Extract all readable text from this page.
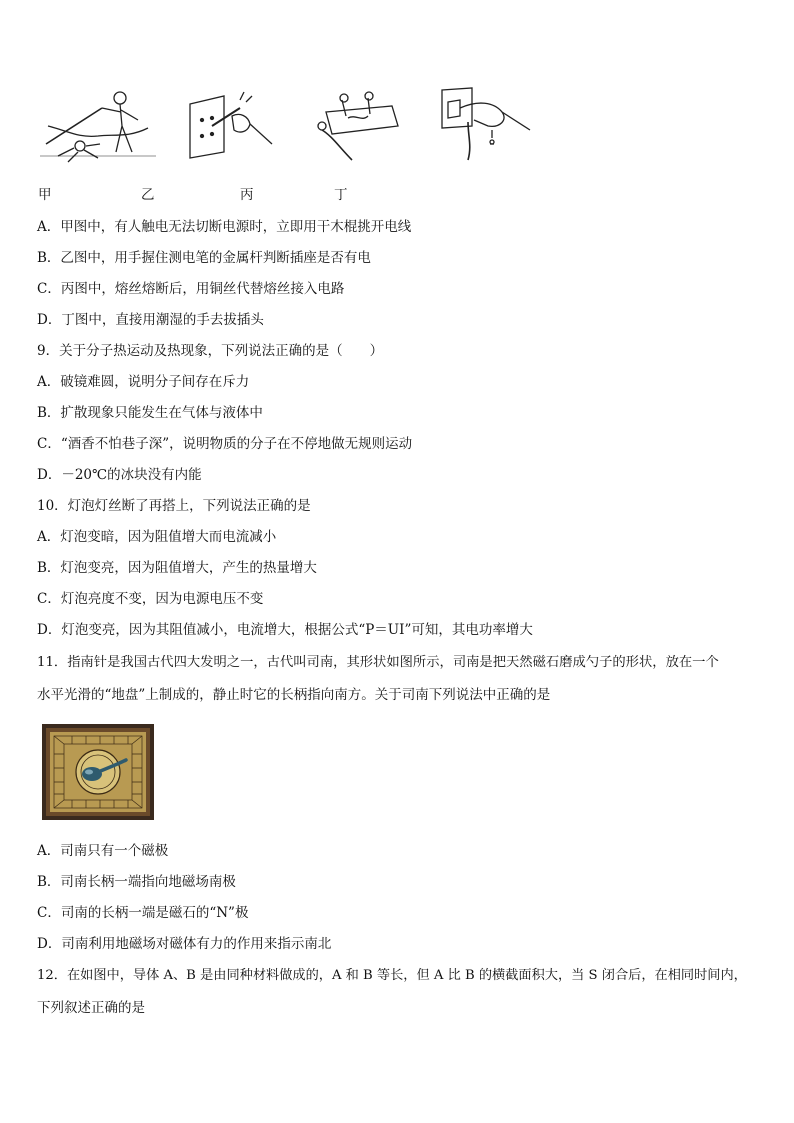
甲	乙	丙	丁
A．甲图中，有人触电无法切断电源时，立即用干木棍挑开电线
B．乙图中，用手握住测电笔的金属杆判断插座是否有电
C．丙图中，熔丝熔断后，用铜丝代替熔丝接入电路
D．丁图中，直接用潮湿的手去拔插头
9．关于分子热运动及热现象，下列说法正确的是（　　）
A．破镜难圆，说明分子间存在斥力
B．扩散现象只能发生在气体与液体中
C．“酒香不怕巷子深”，说明物质的分子在不停地做无规则运动
D．－20℃的冰块没有内能
10．灯泡灯丝断了再搭上，下列说法正确的是
A．灯泡变暗，因为阻值增大而电流减小
B．灯泡变亮，因为阻值增大，产生的热量增大
C．灯泡亮度不变，因为电源电压不变
D．灯泡变亮，因为其阻值减小，电流增大，根据公式“P＝UI”可知，其电功率增大
11．指南针是我国古代四大发明之一，古代叫司南，其形状如图所示，司南是把天然磁石磨成勺子的形状，放在一个
水平光滑的“地盘”上制成的，静止时它的长柄指向南方。关于司南下列说法中正确的是
A．司南只有一个磁极
B．司南长柄一端指向地磁场南极
C．司南的长柄一端是磁石的“N”极
D．司南利用地磁场对磁体有力的作用来指示南北
12．在如图中，导体 A、B 是由同种材料做成的，A 和 B 等长，但 A 比 B 的横截面积大，当 S 闭合后，在相同时间内，
下列叙述正确的是
